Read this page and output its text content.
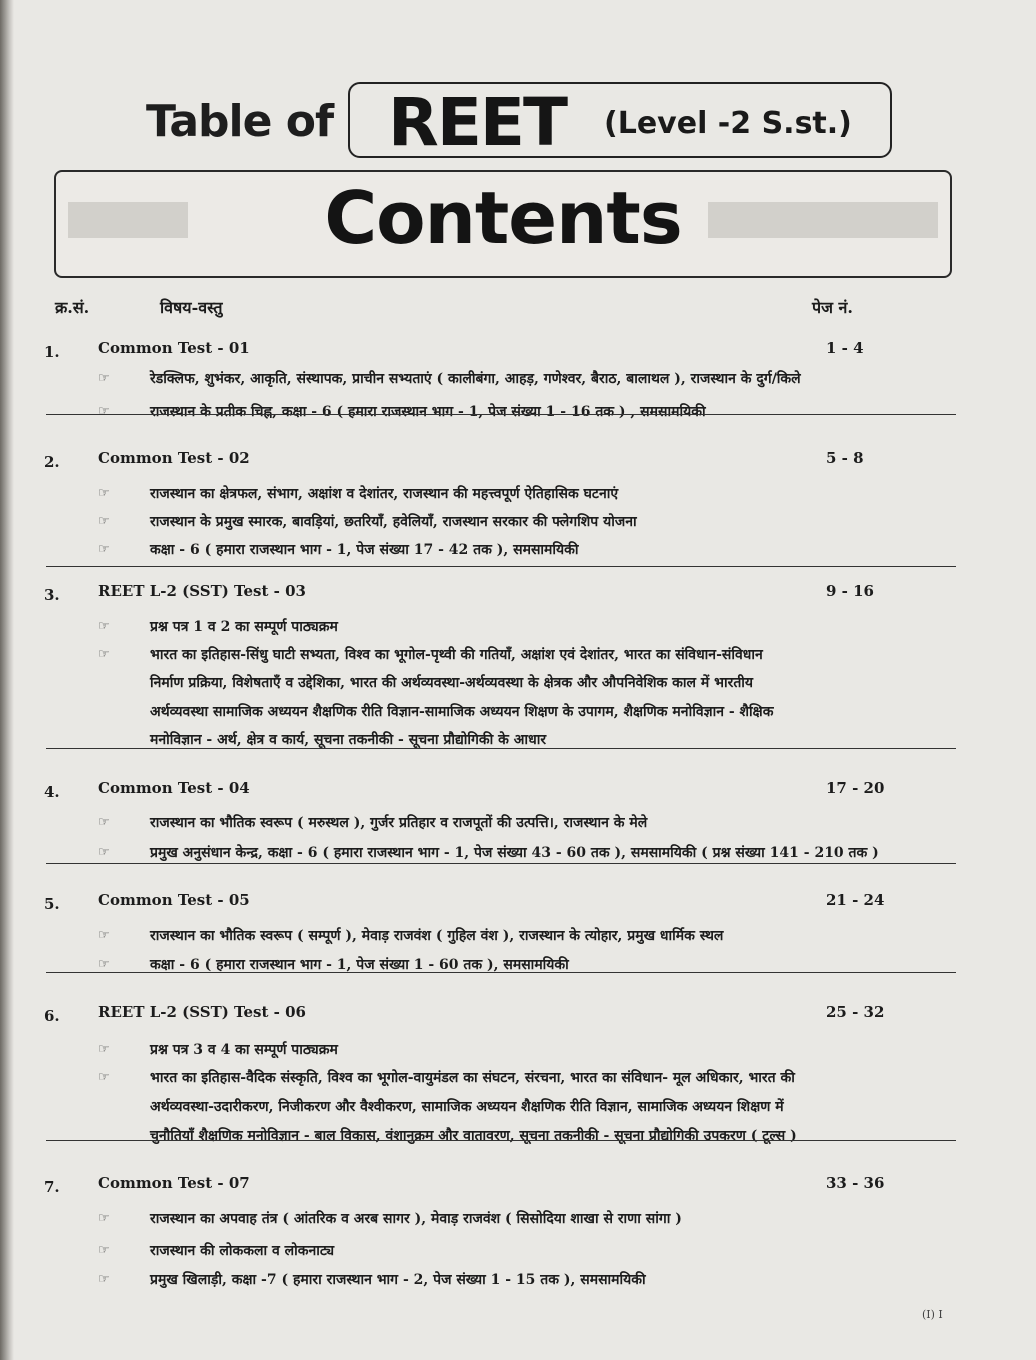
Table of REET (Level -2 S.st.)
Contents
क्र.सं.	विषय-वस्तु	पेज नं.
1.	Common Test - 01	1 - 4
☞	रेडक्लिफ, शुभंकर, आकृति, संस्थापक, प्राचीन सभ्यताएं ( कालीबंगा, आहड़, गणेश्वर, बैराठ, बालाथल ), राजस्थान के दुर्ग/किले
☞	राजस्थान के प्रतीक चिह्न, कक्षा - 6 ( हमारा राजस्थान भाग - 1, पेज संख्या 1 - 16 तक ) , समसामयिकी
2.	Common Test - 02	5 - 8
☞	राजस्थान का क्षेत्रफल, संभाग, अक्षांश व देशांतर, राजस्थान की महत्त्वपूर्ण ऐतिहासिक घटनाएं
☞	राजस्थान के प्रमुख स्मारक, बावड़ियां, छतरियाँ, हवेलियाँ, राजस्थान सरकार की फ्लेगशिप योजना
☞	कक्षा - 6 ( हमारा राजस्थान भाग - 1, पेज संख्या 17 - 42 तक ), समसामयिकी
3.	REET L-2 (SST) Test - 03	9 - 16
☞	प्रश्न पत्र 1 व 2 का सम्पूर्ण पाठ्यक्रम
☞	भारत का इतिहास-सिंधु घाटी सभ्यता, विश्व का भूगोल-पृथ्वी की गतियाँ, अक्षांश एवं देशांतर, भारत का संविधान-संविधान
निर्माण प्रक्रिया, विशेषताएँ व उद्देशिका, भारत की अर्थव्यवस्था-अर्थव्यवस्था के क्षेत्रक और औपनिवेशिक काल में भारतीय
अर्थव्यवस्था सामाजिक अध्ययन शैक्षणिक रीति विज्ञान-सामाजिक अध्ययन शिक्षण के उपागम, शैक्षणिक मनोविज्ञान - शैक्षिक
मनोविज्ञान - अर्थ, क्षेत्र व कार्य, सूचना तकनीकी - सूचना प्रौद्योगिकी के आधार
4.	Common Test - 04	17 - 20
☞	राजस्थान का भौतिक स्वरूप ( मरुस्थल ), गुर्जर प्रतिहार व राजपूतों की उत्पत्ति।, राजस्थान के मेले
☞	प्रमुख अनुसंधान केन्द्र, कक्षा - 6 ( हमारा राजस्थान भाग - 1, पेज संख्या 43 - 60 तक ), समसामयिकी ( प्रश्न संख्या 141 - 210 तक )
5.	Common Test - 05	21 - 24
☞	राजस्थान का भौतिक स्वरूप ( सम्पूर्ण ), मेवाड़ राजवंश ( गुहिल वंश ), राजस्थान के त्योहार, प्रमुख धार्मिक स्थल
☞	कक्षा - 6 ( हमारा राजस्थान भाग - 1, पेज संख्या 1 - 60 तक ), समसामयिकी
6.	REET L-2 (SST) Test - 06	25 - 32
☞	प्रश्न पत्र 3 व 4 का सम्पूर्ण पाठ्यक्रम
☞	भारत का इतिहास-वैदिक संस्कृति, विश्व का भूगोल-वायुमंडल का संघटन, संरचना, भारत का संविधान- मूल अधिकार, भारत की
अर्थव्यवस्था-उदारीकरण, निजीकरण और वैश्वीकरण, सामाजिक अध्ययन शैक्षणिक रीति विज्ञान, सामाजिक अध्ययन शिक्षण में
चुनौतियाँ शैक्षणिक मनोविज्ञान - बाल विकास, वंशानुक्रम और वातावरण, सूचना तकनीकी - सूचना प्रौद्योगिकी उपकरण ( टूल्स )
7.	Common Test - 07	33 - 36
☞	राजस्थान का अपवाह तंत्र ( आंतरिक व अरब सागर ), मेवाड़ राजवंश ( सिसोदिया शाखा से राणा सांगा )
☞	राजस्थान की लोककला व लोकनाट्य
☞	प्रमुख खिलाड़ी, कक्षा -7 ( हमारा राजस्थान भाग - 2, पेज संख्या 1 - 15 तक ), समसामयिकी
(I) I
